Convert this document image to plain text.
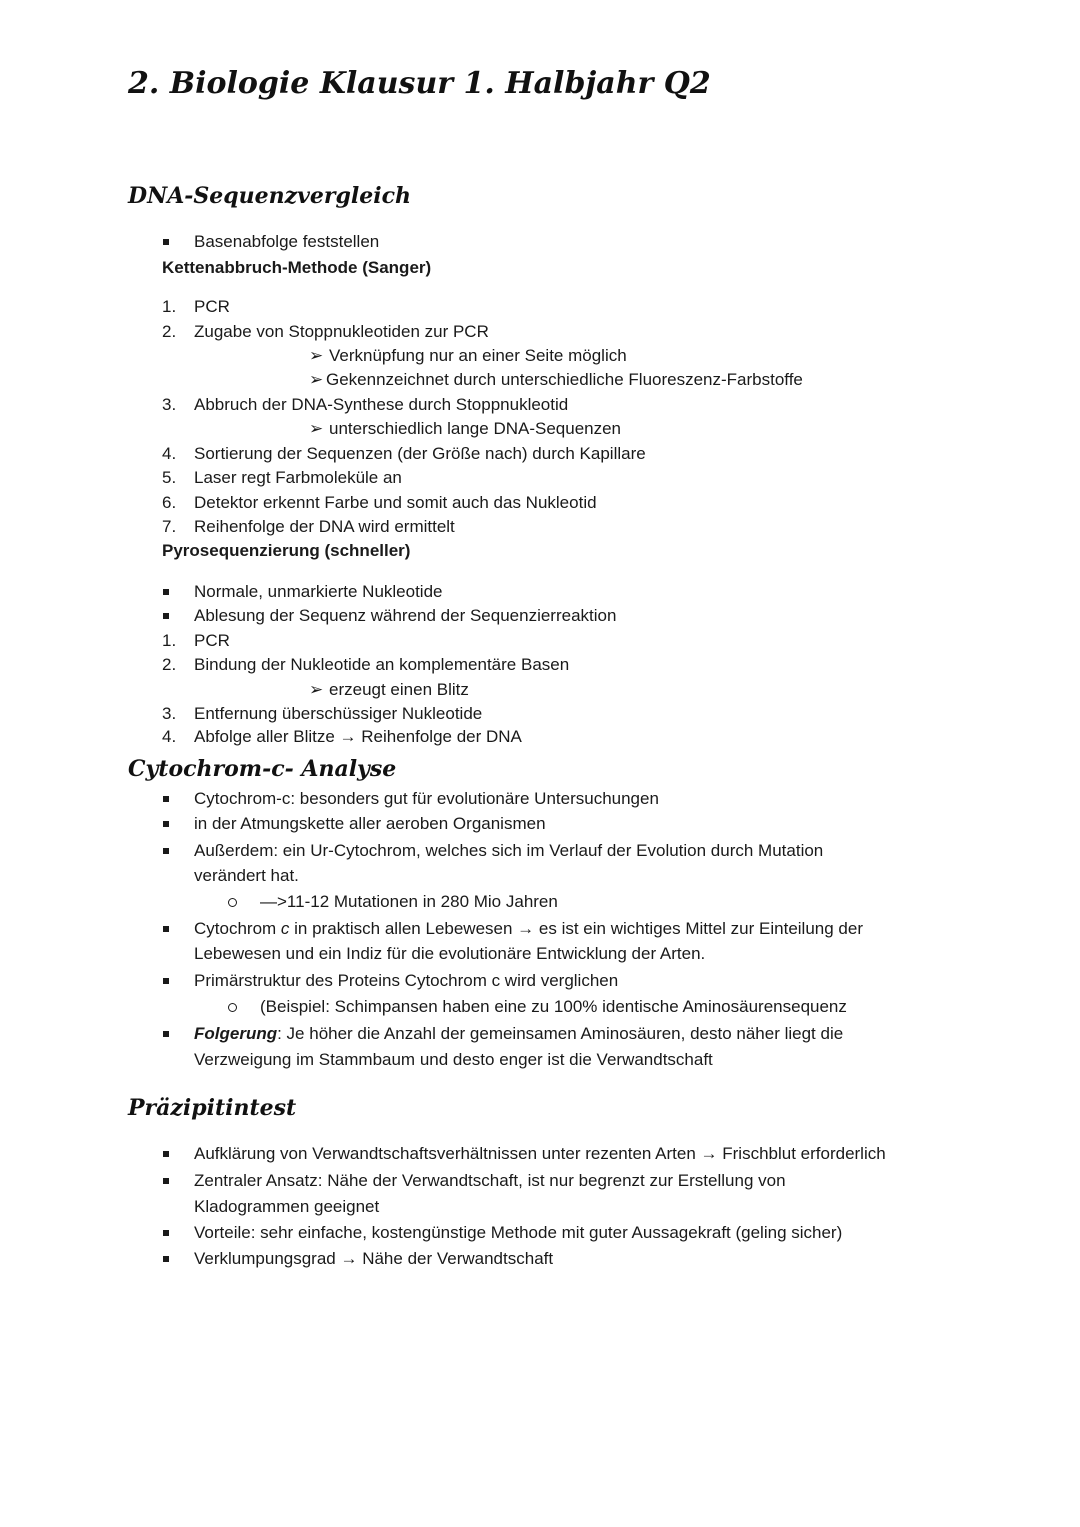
2. Biologie Klausur 1. Halbjahr Q2
DNA-Sequenzvergleich
Basenabfolge feststellen
Kettenabbruch-Methode (Sanger)
1. PCR
2. Zugabe von Stoppnukleotiden zur PCR
➢ Verknüpfung nur an einer Seite möglich
➢ Gekennzeichnet durch unterschiedliche Fluoreszenz-Farbstoffe
3. Abbruch der DNA-Synthese durch Stoppnukleotid
➢ unterschiedlich lange DNA-Sequenzen
4. Sortierung der Sequenzen (der Größe nach) durch Kapillare
5. Laser regt Farbmoleküle an
6. Detektor erkennt Farbe und somit auch das Nukleotid
7. Reihenfolge der DNA wird ermittelt
Pyrosequenzierung (schneller)
Normale, unmarkierte Nukleotide
Ablesung der Sequenz während der Sequenzierreaktion
1. PCR
2. Bindung der Nukleotide an komplementäre Basen
➢ erzeugt einen Blitz
3. Entfernung überschüssiger Nukleotide
4. Abfolge aller Blitze → Reihenfolge der DNA
Cytochrom-c- Analyse
Cytochrom-c: besonders gut für evolutionäre Untersuchungen
in der Atmungskette aller aeroben Organismen
Außerdem: ein Ur-Cytochrom, welches sich im Verlauf der Evolution durch Mutation
verändert hat.
—>11-12 Mutationen in 280 Mio Jahren
Cytochrom c in praktisch allen Lebewesen → es ist ein wichtiges Mittel zur Einteilung der
Lebewesen und ein Indiz für die evolutionäre Entwicklung der Arten.
Primärstruktur des Proteins Cytochrom c wird verglichen
(Beispiel: Schimpansen haben eine zu 100% identische Aminosäurensequenz
Folgerung: Je höher die Anzahl der gemeinsamen Aminosäuren, desto näher liegt die
Verzweigung im Stammbaum und desto enger ist die Verwandtschaft
Präzipitintest
Aufklärung von Verwandtschaftsverhältnissen unter rezenten Arten → Frischblut erforderlich
Zentraler Ansatz: Nähe der Verwandtschaft, ist nur begrenzt zur Erstellung von
Kladogrammen geeignet
Vorteile: sehr einfache, kostengünstige Methode mit guter Aussagekraft (geling sicher)
Verklumpungsgrad → Nähe der Verwandtschaft
